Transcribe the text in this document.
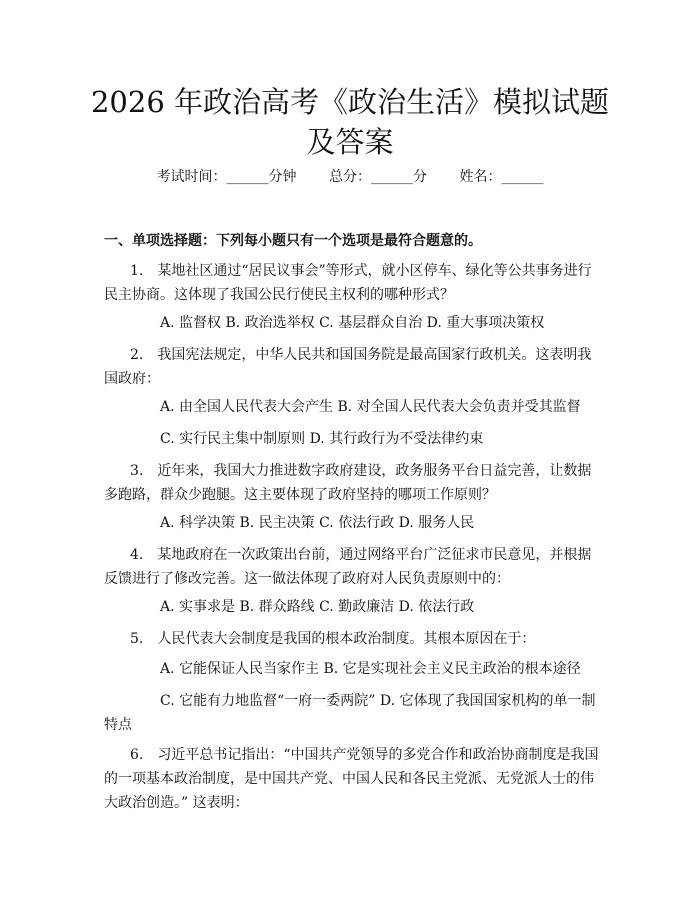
2026 年政治高考《政治生活》模拟试题及答案
考试时间：______分钟 总分：______分 姓名：______

一、单项选择题：下列每小题只有一个选项是最符合题意的。

1.　某地社区通过“居民议事会”等形式，就小区停车、绿化等公共事务进行民主协商。这体现了我国公民行使民主权利的哪种形式？

A. 监督权 B. 政治选举权 C. 基层群众自治 D. 重大事项决策权

2.　我国宪法规定，中华人民共和国国务院是最高国家行政机关。这表明我国政府：

A. 由全国人民代表大会产生 B. 对全国人民代表大会负责并受其监督

C. 实行民主集中制原则 D. 其行政行为不受法律约束

3.　近年来，我国大力推进数字政府建设，政务服务平台日益完善，让数据多跑路，群众少跑腿。这主要体现了政府坚持的哪项工作原则？

A. 科学决策 B. 民主决策 C. 依法行政 D. 服务人民

4.　某地政府在一次政策出台前，通过网络平台广泛征求市民意见，并根据反馈进行了修改完善。这一做法体现了政府对人民负责原则中的：

A. 实事求是 B. 群众路线 C. 勤政廉洁 D. 依法行政

5.　人民代表大会制度是我国的根本政治制度。其根本原因在于：

A. 它能保证人民当家作主 B. 它是实现社会主义民主政治的根本途径

C. 它能有力地监督“一府一委两院” D. 它体现了我国国家机构的单一制特点

6.　习近平总书记指出：“中国共产党领导的多党合作和政治协商制度是我国的一项基本政治制度，是中国共产党、中国人民和各民主党派、无党派人士的伟大政治创造。” 这表明：
